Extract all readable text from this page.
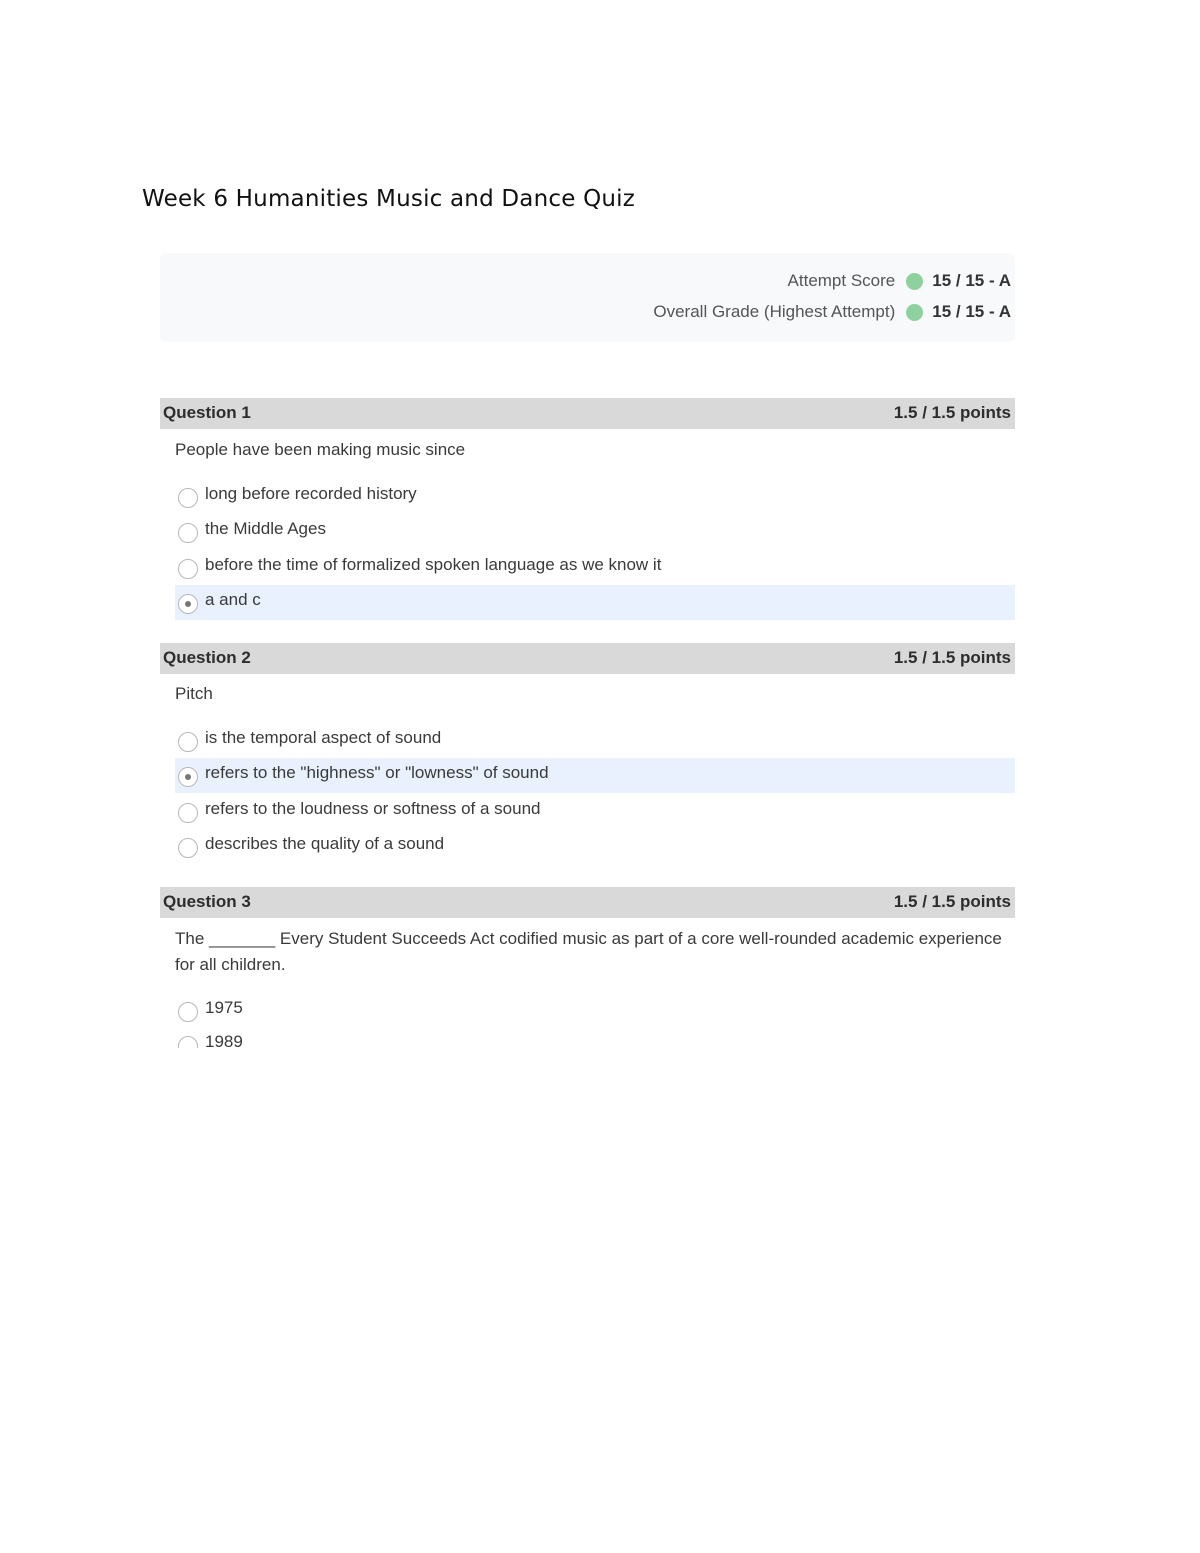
Week 6 Humanities Music and Dance Quiz
Attempt Score 15 / 15 - A
Overall Grade (Highest Attempt) 15 / 15 - A
Question 1	1.5 / 1.5 points
People have been making music since
long before recorded history
the Middle Ages
before the time of formalized spoken language as we know it
a and c
Question 2	1.5 / 1.5 points
Pitch
is the temporal aspect of sound
refers to the "highness" or "lowness" of sound
refers to the loudness or softness of a sound
describes the quality of a sound
Question 3	1.5 / 1.5 points
The _______ Every Student Succeeds Act codified music as part of a core well-rounded academic experience for all children.
1975
1989
